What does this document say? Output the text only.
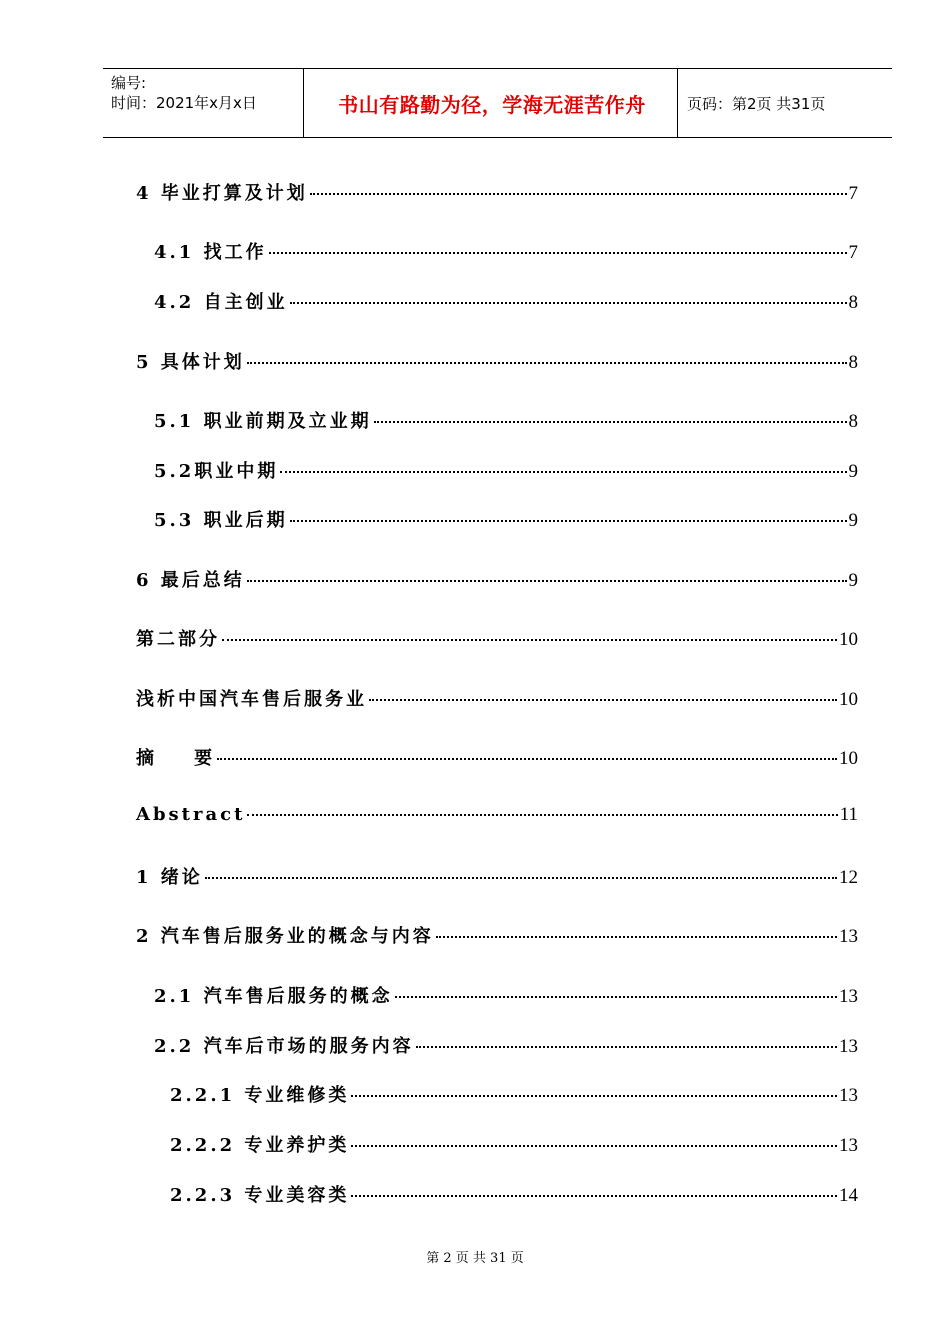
编号:
时间：2021年x月x日	书山有路勤为径，学海无涯苦作舟	页码：第2页 共31页
4 毕业打算及计划	7
4.1 找工作	7
4.2 自主创业	8
5 具体计划	8
5.1 职业前期及立业期	8
5.2职业中期	9
5.3 职业后期	9
6 最后总结	9
第二部分	10
浅析中国汽车售后服务业	10
摘    要	10
Abstract	11
1 绪论	12
2 汽车售后服务业的概念与内容	13
2.1 汽车售后服务的概念	13
2.2 汽车后市场的服务内容	13
2.2.1 专业维修类	13
2.2.2 专业养护类	13
2.2.3 专业美容类	14
第 2 页 共 31 页
